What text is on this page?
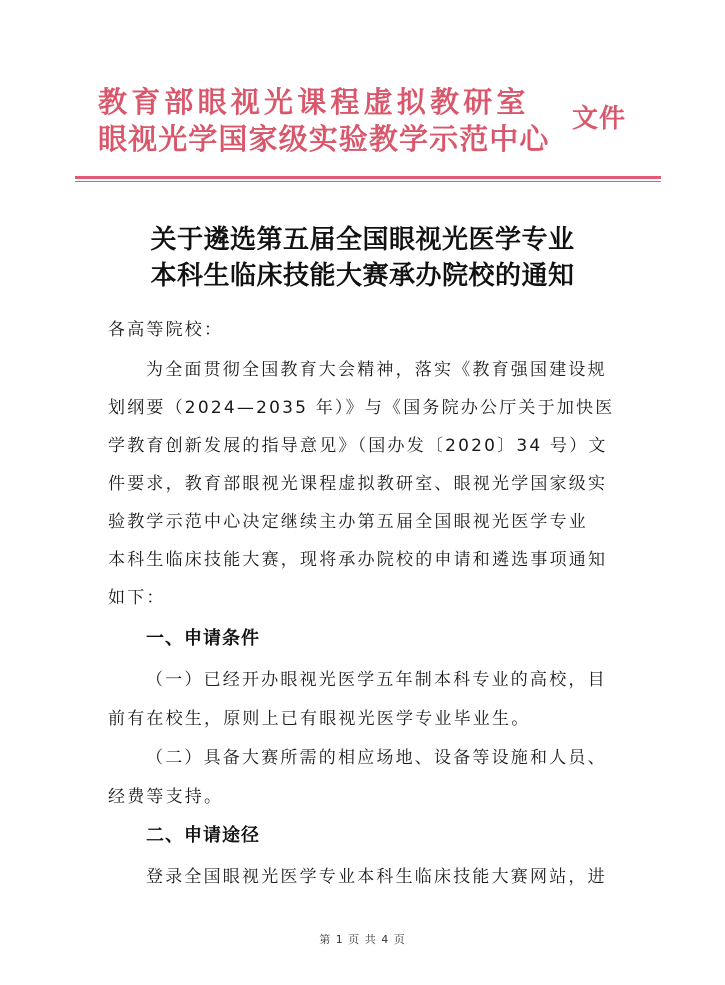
教育部眼视光课程虚拟教研室
眼视光学国家级实验教学示范中心
文件
关于遴选第五届全国眼视光医学专业
本科生临床技能大赛承办院校的通知
各高等院校：
为全面贯彻全国教育大会精神，落实《教育强国建设规
划纲要（2024—2035 年）》与《国务院办公厅关于加快医
学教育创新发展的指导意见》（国办发〔2020〕34 号）文
件要求，教育部眼视光课程虚拟教研室、眼视光学国家级实
验教学示范中心决定继续主办第五届全国眼视光医学专业
本科生临床技能大赛，现将承办院校的申请和遴选事项通知
如下：
一、申请条件
（一）已经开办眼视光医学五年制本科专业的高校，目
前有在校生，原则上已有眼视光医学专业毕业生。
（二）具备大赛所需的相应场地、设备等设施和人员、
经费等支持。
二、申请途径
登录全国眼视光医学专业本科生临床技能大赛网站，进
第 1 页 共 4 页
